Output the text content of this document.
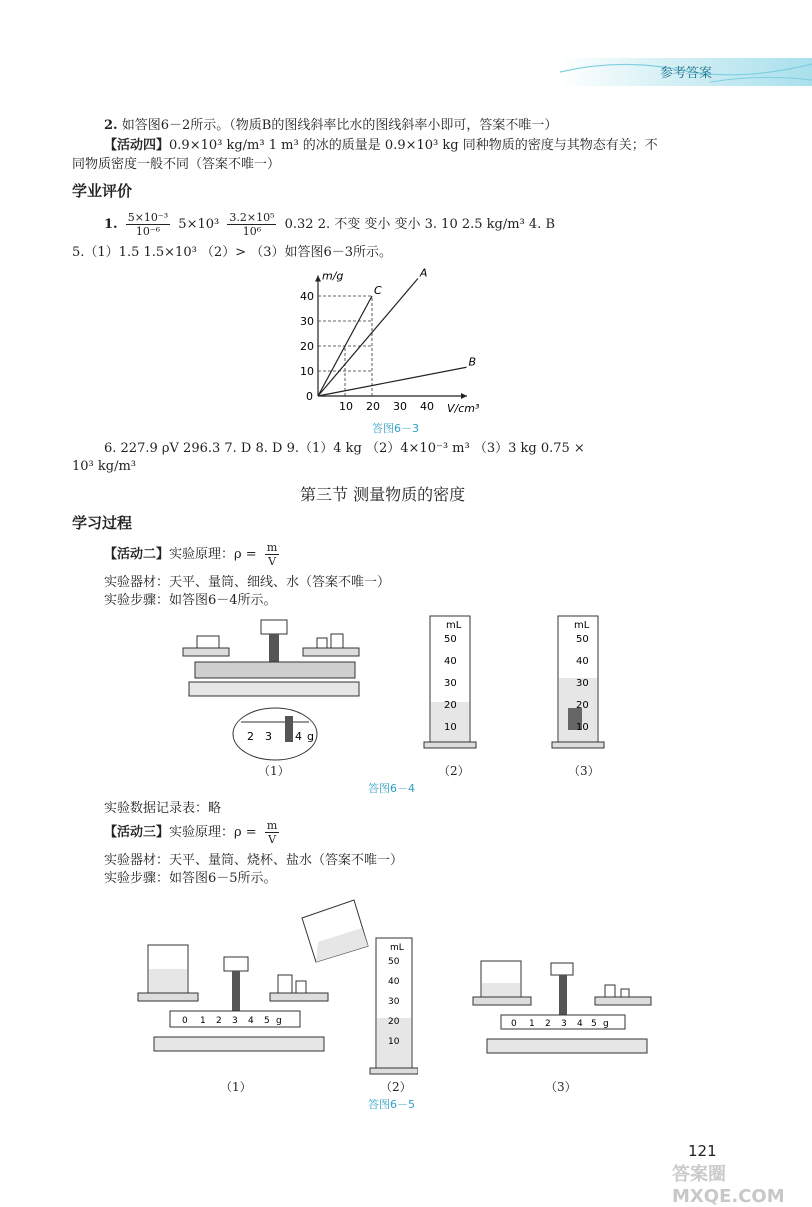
参考答案
2. 如答图6－2所示。（物质B的图线斜率比水的图线斜率小即可，答案不唯一）
【活动四】0.9×10³ kg/m³ 1 m³ 的冰的质量是 0.9×10³ kg 同种物质的密度与其物态有关；不
同物质密度一般不同（答案不唯一）
学业评价
1. $\frac{\text{5×10⁻³}}{\text{10⁻⁶}} 5\times 10^3 \frac{\text{3.2×10⁵}}{\text{10⁶}} 0.32$ 2. 不变 变小 变小 3. 10 2.5 kg/m³ 4. B
5.（1）1.5 1.5×10³ （2）> （3）如答图6－3所示。
10 20 30 40
10
20
30
40
0
V/cm³
m/g	A
B
C
答图6－3
6. 227.9 ρV 296.3 7. D 8. D 9.（1）4 kg （2）4×10⁻³ m³ （3）3 kg 0.75 ×
10³ kg/m³
第三节 测量物质的密度
学习过程
【活动二】实验原理：$\rho = \frac{m}{V}$
实验器材：天平、量筒、细线、水（答案不唯一）
实验步骤：如答图6－4所示。
2 3 4 g
mL
50
40
30
20
10
mL
50
40
30
20
10
（1）	（2）	（3）
答图6－4
实验数据记录表：略
【活动三】实验原理：$\rho = \frac{m}{V}$
实验器材：天平、量筒、烧杯、盐水（答案不唯一）
实验步骤：如答图6－5所示。
0 1 2 3 4 5 g
mL
50
40
30
20
10
0 1 2 3 4 5 g
（1）	（2）	（3）
答图6－5
121
答案圈 MXQE.COM
